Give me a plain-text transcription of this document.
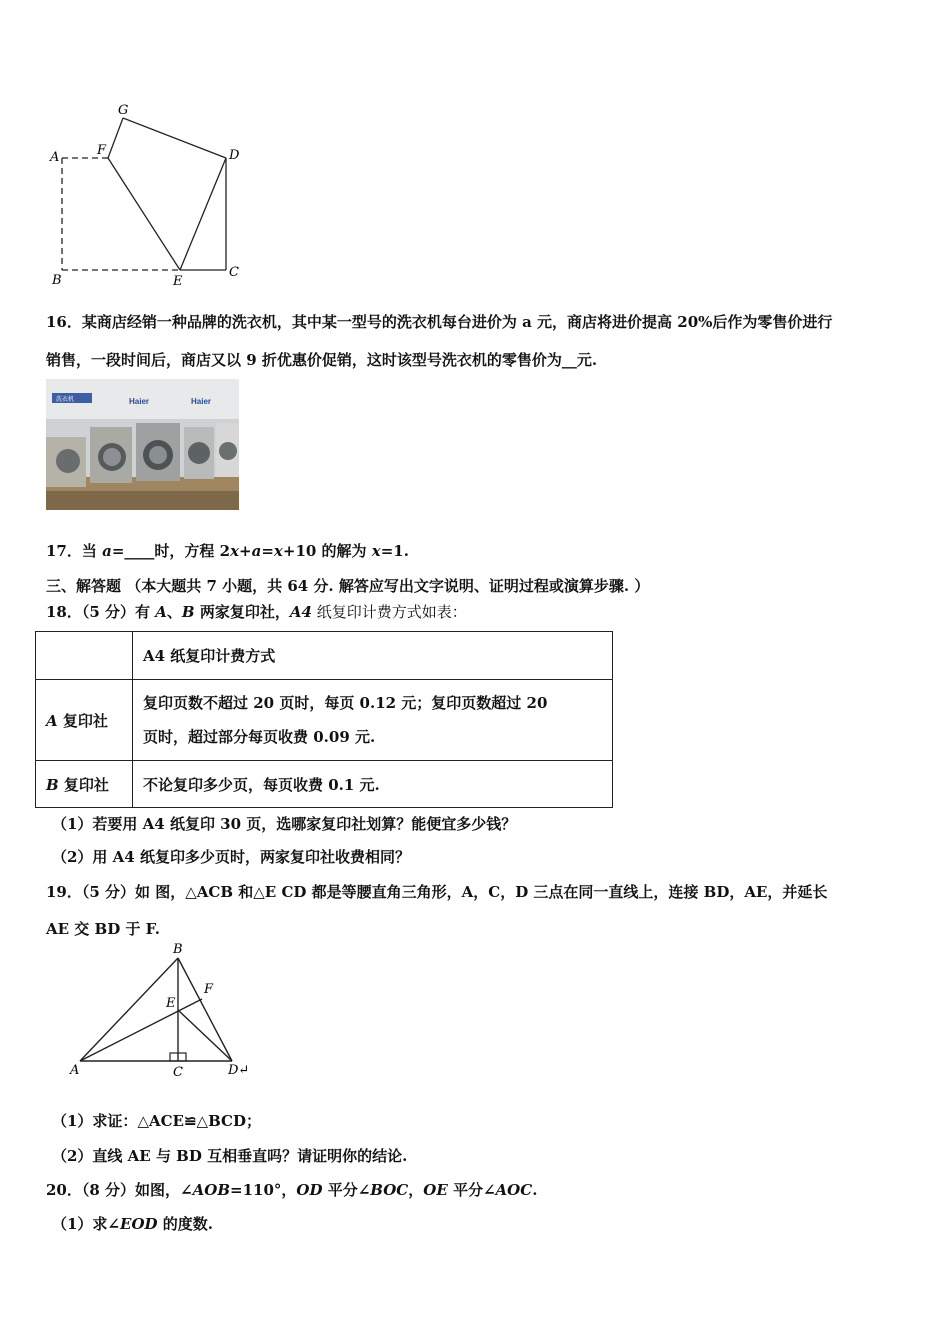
G
F
A	D
B	E
C
16．某商店经销一种品牌的洗衣机，其中某一型号的洗衣机每台进价为 a 元，商店将进价提高 20%后作为零售价进行
销售，一段时间后，商店又以 9 折优惠价促销，这时该型号洗衣机的零售价为__元.
Haier	Haier
洗衣机
17．当 a=____时，方程 2x+a=x+10 的解为 x=1.
三、解答题 （本大题共 7 小题，共 64 分. 解答应写出文字说明、证明过程或演算步骤. ）
18．（5 分）有 A、B 两家复印社，A4 纸复印计费方式如表：
	A4 纸复印计费方式
A 复印社	复印页数不超过 20 页时，每页 0.12 元；复印页数超过 20
页时，超过部分每页收费 0.09 元.

B 复印社	不论复印多少页，每页收费 0.1 元.
（1）若要用 A4 纸复印 30 页，选哪家复印社划算？能便宜多少钱？
（2）用 A4 纸复印多少页时，两家复印社收费相同？
19．（5 分）如 图，△ACB 和△E CD 都是等腰直角三角形，A，C，D 三点在同一直线上，连接 BD，AE，并延长
AE 交 BD 于 F.
B
F
E
A	C	D↵
（1）求证：△ACE≌△BCD；
（2）直线 AE 与 BD 互相垂直吗？请证明你的结论.
20．（8 分）如图，∠AOB=110°，OD 平分∠BOC，OE 平分∠AOC.
（1）求∠EOD 的度数.
